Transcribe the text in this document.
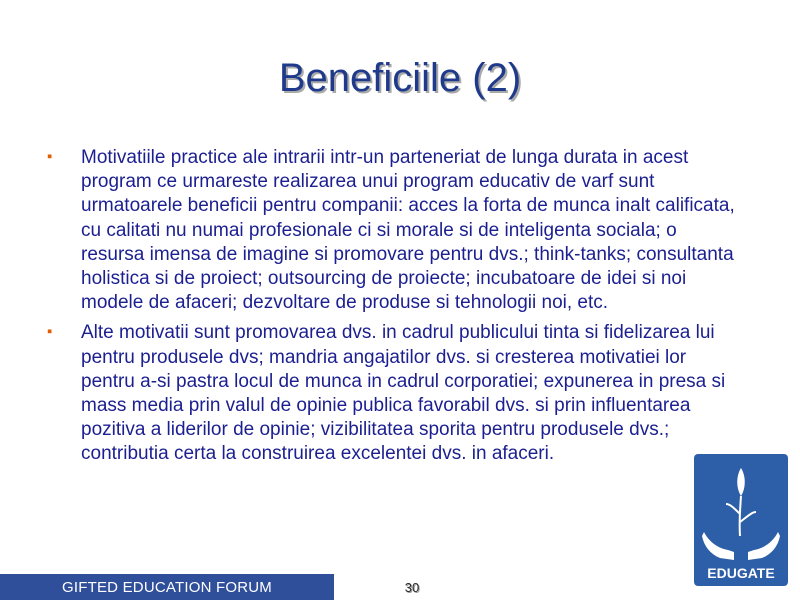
Beneficiile (2)
▪ Motivatiile practice ale intrarii intr-un parteneriat de lunga durata in acest program ce urmareste realizarea unui program educativ de varf sunt urmatoarele beneficii pentru companii: acces la forta de munca inalt calificata, cu calitati nu numai profesionale ci si morale si de inteligenta sociala; o resursa imensa de imagine si promovare pentru dvs.; think-tanks; consultanta holistica si de proiect; outsourcing de proiecte; incubatoare de idei si noi modele de afaceri; dezvoltare de produse si tehnologii noi, etc.
▪ Alte motivatii sunt promovarea dvs. in cadrul publicului tinta si fidelizarea lui pentru produsele dvs; mandria angajatilor dvs. si cresterea motivatiei lor pentru a-si pastra locul de munca in cadrul corporatiei; expunerea in presa si mass media prin valul de opinie publica favorabil dvs. si prin influentarea pozitiva a liderilor de opinie; vizibilitatea sporita pentru produsele dvs.; contributia certa la construirea excelentei dvs. in afaceri.
GIFTED EDUCATION FORUM	30
EDUGATE
